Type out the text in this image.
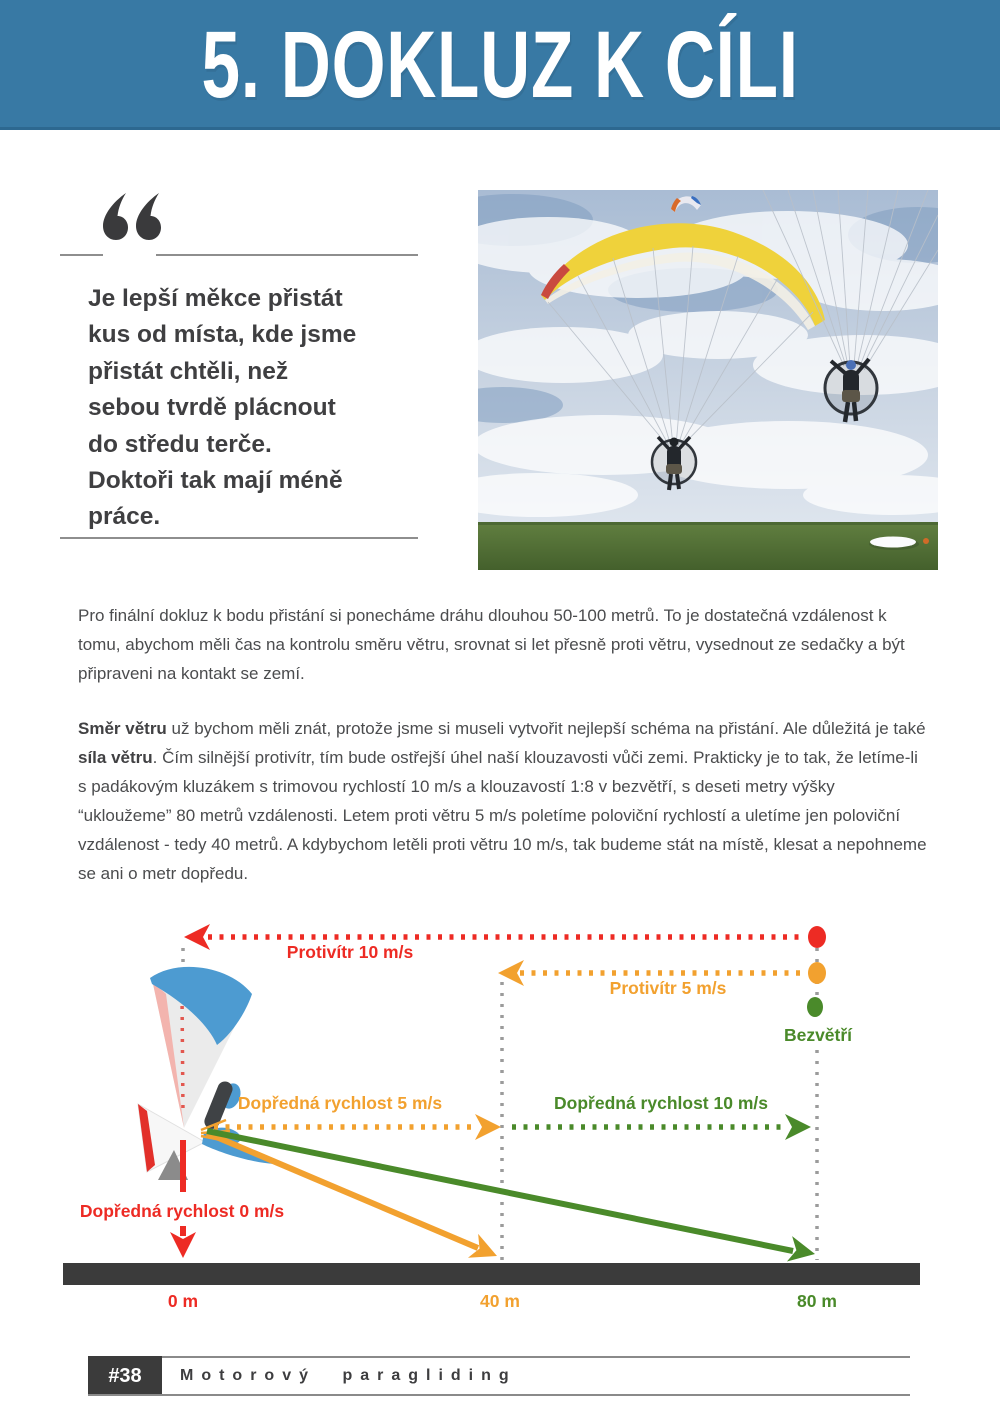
5. DOKLUZ K CÍLI
Je lepší měkce přistát
kus od místa, kde jsme
přistát chtěli, než
sebou tvrdě plácnout
do středu terče.
Doktoři tak mají méně
práce.

Pro finální dokluz k bodu přistání si ponecháme dráhu dlouhou 50-100 metrů. To je dostatečná vzdálenost k tomu, abychom měli čas na kontrolu směru větru, srovnat si let přesně proti větru, vysednout ze sedačky a být připraveni na kontakt se zemí.

Směr větru už bychom měli znát, protože jsme si museli vytvořit nejlepší schéma na přistání. Ale důležitá je také síla větru. Čím silnější protivítr, tím bude ostřejší úhel naší klouzavosti vůči zemi. Prakticky je to tak, že letíme-li s padákovým kluzákem s trimovou rychlostí 10 m/s a klouzavostí 1:8 v bezvětří, s deseti metry výšky “ukloužeme” 80 metrů vzdálenosti. Letem proti větru 5 m/s poletíme poloviční rychlostí a uletíme jen poloviční vzdálenost - tedy 40 metrů. A kdybychom letěli proti větru 10 m/s, tak budeme stát na místě, klesat a nepohneme se ani o metr dopředu.

Protivítr 10 m/s
Protivítr 5 m/s
Bezvětří
Dopředná rychlost 5 m/s	Dopředná rychlost 10 m/s
Dopředná rychlost 0 m/s
0 m	40 m	80 m
#38	Motorový paragliding
